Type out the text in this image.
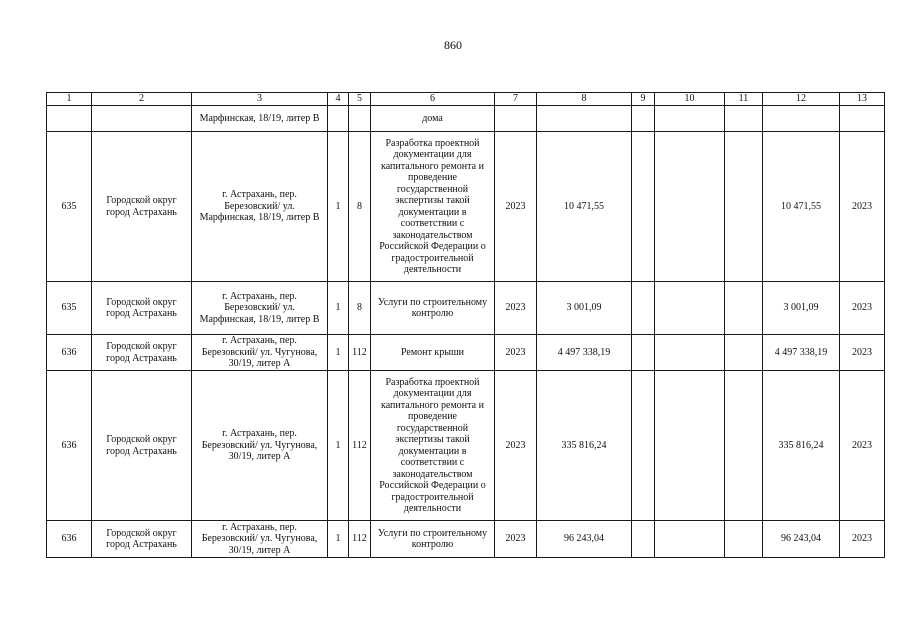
860
1	2	3	4	5	6	7	8	9	10	11	12	13
		Марфинская, 18/19, литер В			дома							
635	Городской округ город Астрахань	г. Астрахань, пер. Березовский/ ул. Марфинская, 18/19, литер В	1	8	Разработка проектной документации для капитального ремонта и проведение государственной экспертизы такой документации в соответствии с законодательством Российской Федерации о градостроительной деятельности	2023	10 471,55				10 471,55	2023
635	Городской округ город Астрахань	г. Астрахань, пер. Березовский/ ул. Марфинская, 18/19, литер В	1	8	Услуги по строительному контролю	2023	3 001,09				3 001,09	2023
636	Городской округ город Астрахань	г. Астрахань, пер. Березовский/ ул. Чугунова, 30/19, литер А	1	112	Ремонт крыши	2023	4 497 338,19				4 497 338,19	2023
636	Городской округ город Астрахань	г. Астрахань, пер. Березовский/ ул. Чугунова, 30/19, литер А	1	112	Разработка проектной документации для капитального ремонта и проведение государственной экспертизы такой документации в соответствии с законодательством Российской Федерации о градостроительной деятельности	2023	335 816,24				335 816,24	2023
636	Городской округ город Астрахань	г. Астрахань, пер. Березовский/ ул. Чугунова, 30/19, литер А	1	112	Услуги по строительному контролю	2023	96 243,04				96 243,04	2023
